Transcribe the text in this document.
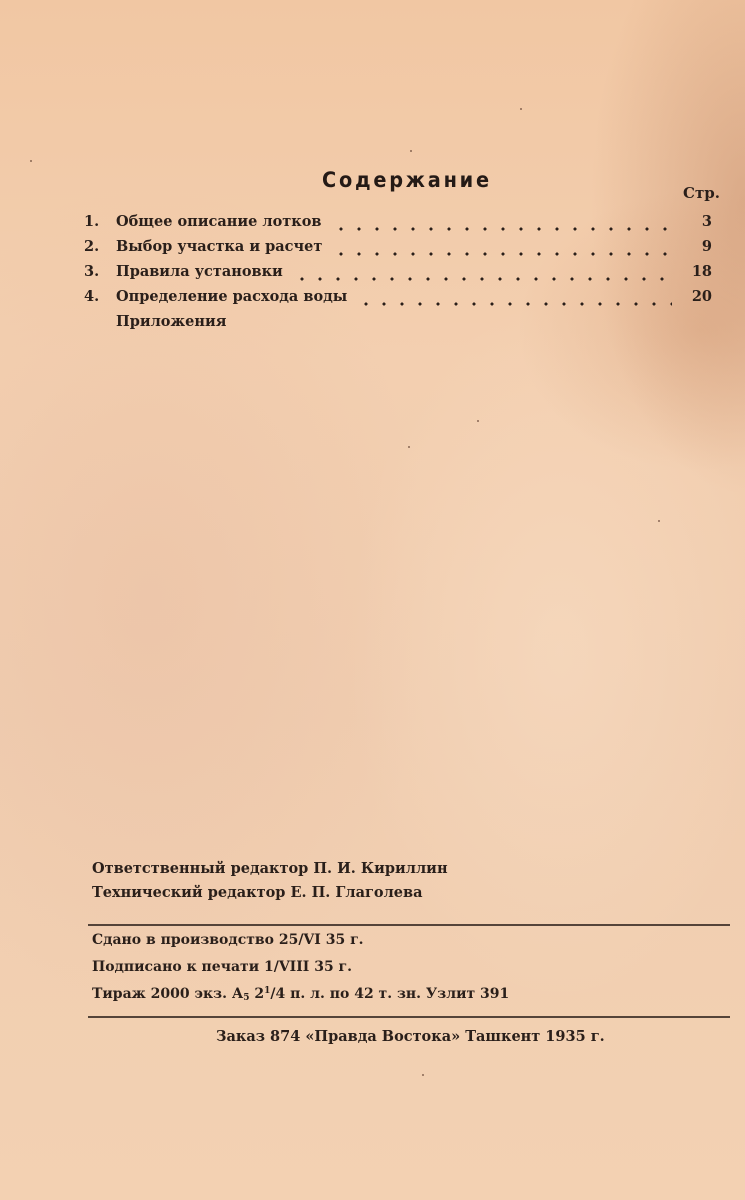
Содержание
Стр.
1.	Общее описание лотков	3
2.	Выбор участка и расчет	9
3.	Правила установки	18
4.	Определение расхода воды	20
Приложения
Ответственный редактор П. И. Кириллин
Технический редактор Е. П. Глаголева
Сдано в производство 25/VI 35 г.
Подписано к печати 1/VIII 35 г.
Тираж 2000 экз. $А_5$ $2^1/4$ п. л. по 42 т. зн. Узлит 391
Заказ 874 «Правда Востока» Ташкент 1935 г.
